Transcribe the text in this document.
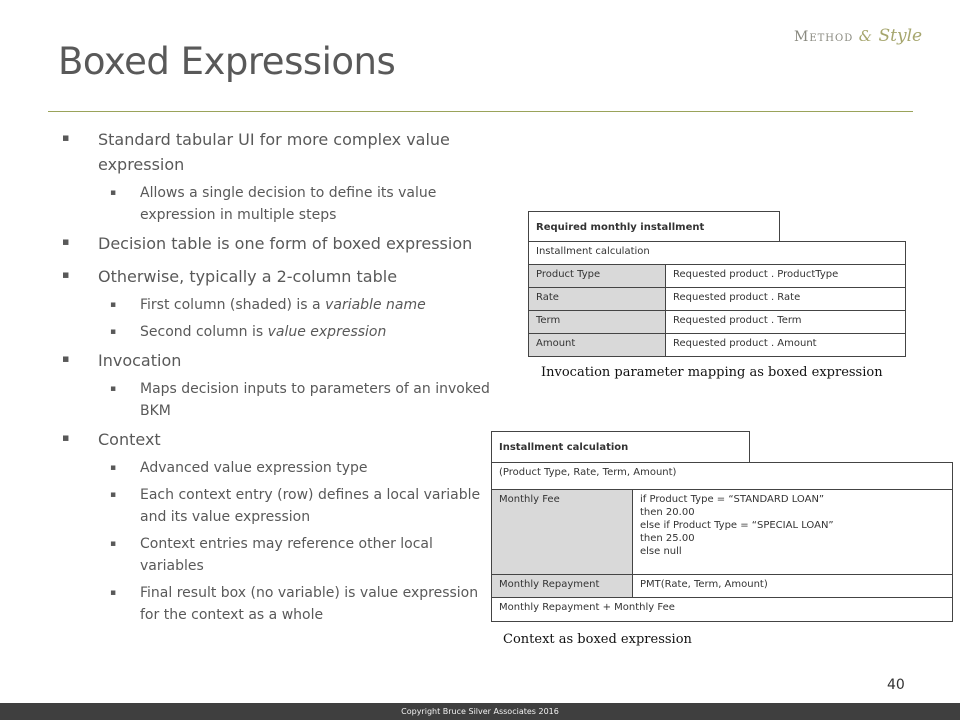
Boxed Expressions
Method & Style
▪ Standard tabular UI for more complex value expression
▪ Allows a single decision to define its value expression in multiple steps
▪ Decision table is one form of boxed expression
▪ Otherwise, typically a 2-column table
▪ First column (shaded) is a variable name
▪ Second column is value expression
▪ Invocation
▪ Maps decision inputs to parameters of an invoked BKM
▪ Context
▪ Advanced value expression type
▪ Each context entry (row) defines a local variable and its value expression
▪ Context entries may reference other local variables
▪ Final result box (no variable) is value expression for the context as a whole
Required monthly installment
Installment calculation
Product Type	Requested product . ProductType
Rate	Requested product . Rate
Term	Requested product . Term
Amount	Requested product . Amount
Invocation parameter mapping as boxed expression
Installment calculation
(Product Type, Rate, Term, Amount)
Monthly Fee	if Product Type = “STANDARD LOAN”
then 20.00
else if Product Type = “SPECIAL LOAN”
then 25.00
else null
Monthly Repayment	PMT(Rate, Term, Amount)
Monthly Repayment + Monthly Fee
Context as boxed expression
40
Copyright Bruce Silver Associates 2016
